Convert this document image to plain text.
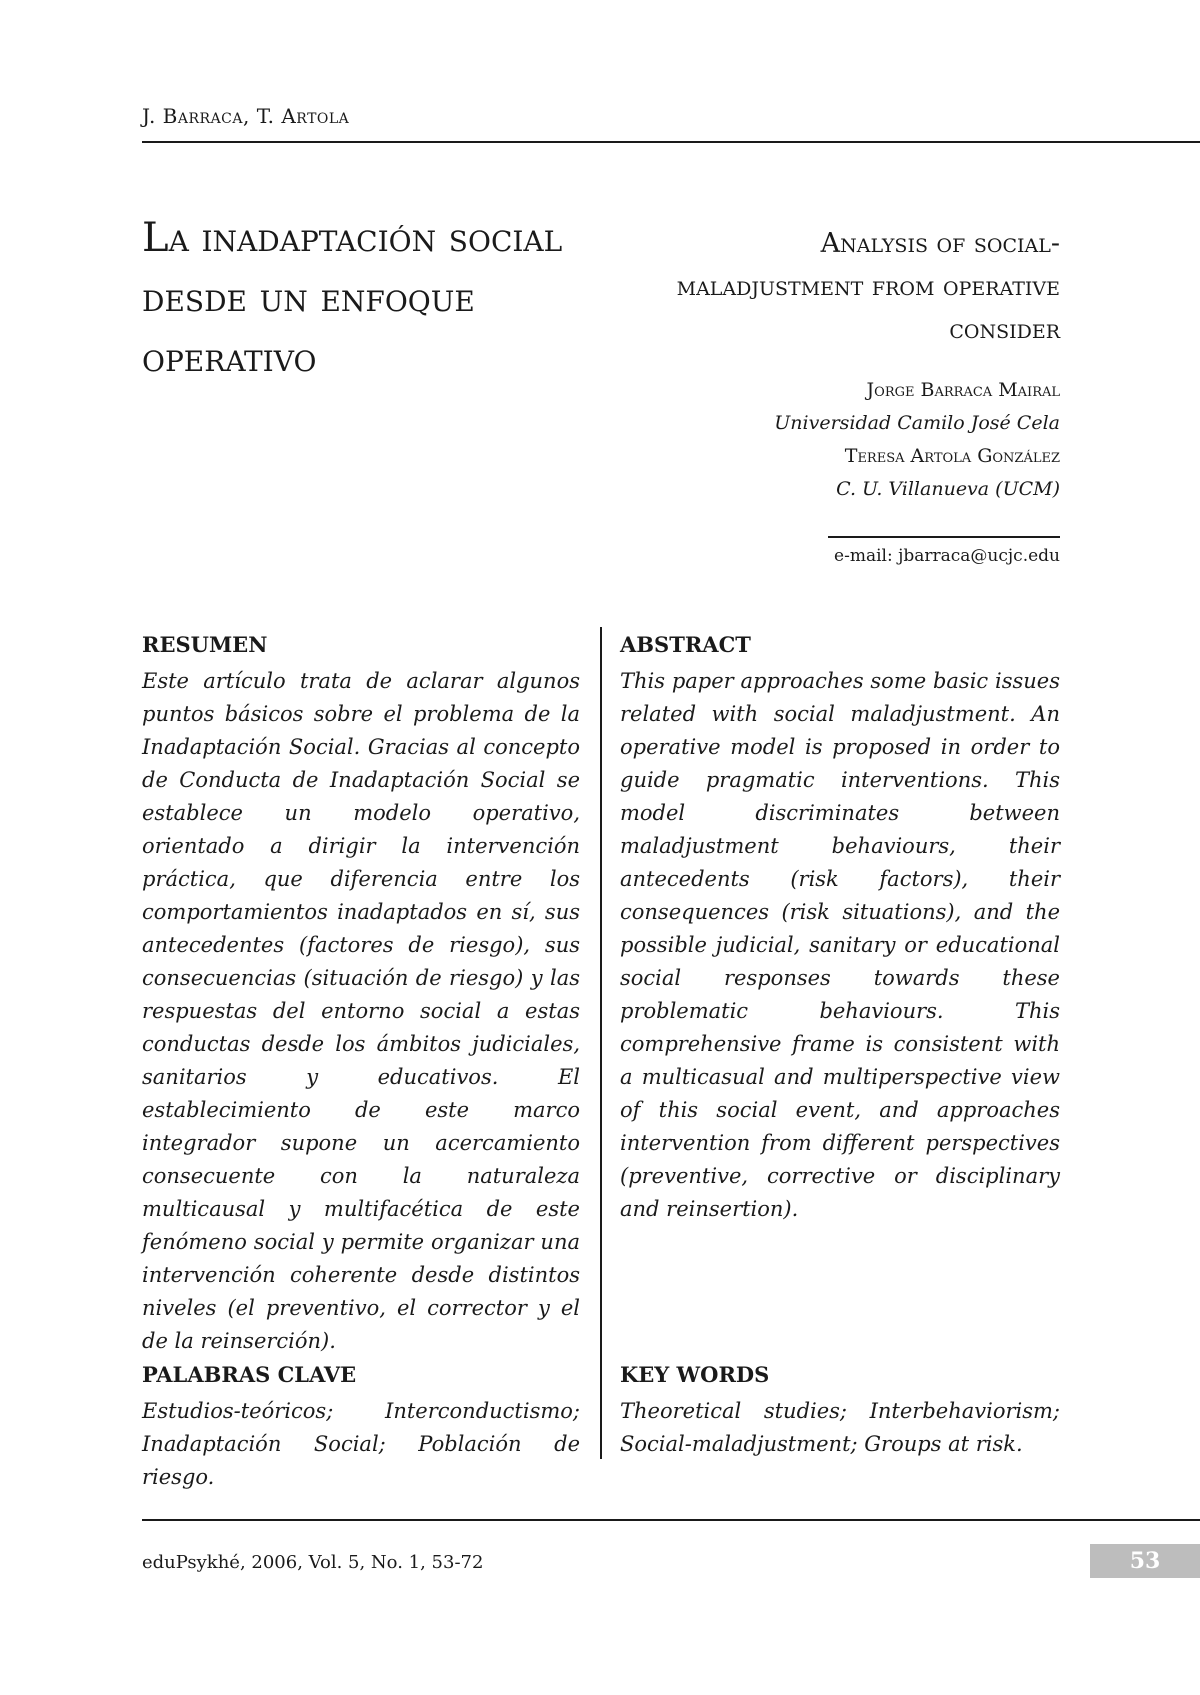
J. Barraca, T. Artola
La inadaptación social desde un enfoque operativo
Analysis of social-maladjustment from operative consider
Jorge Barraca Mairal
Universidad Camilo José Cela
Teresa Artola González
C. U. Villanueva (UCM)
e-mail: jbarraca@ucjc.edu
RESUMEN

Este artículo trata de aclarar algunos puntos básicos sobre el problema de la Inadaptación Social. Gracias al concepto de Conducta de Inadaptación Social se establece un modelo operativo, orientado a dirigir la intervención práctica, que diferencia entre los comportamientos inadaptados en sí, sus antecedentes (factores de riesgo), sus consecuencias (situación de riesgo) y las respuestas del entorno social a estas conductas desde los ámbitos judiciales, sanitarios y educativos. El establecimiento de este marco integrador supone un acercamiento consecuente con la naturaleza multicausal y multifacética de este fenómeno social y permite organizar una intervención coherente desde distintos niveles (el preventivo, el corrector y el de la reinserción).

ABSTRACT

This paper approaches some basic issues related with social maladjustment. An operative model is proposed in order to guide pragmatic interventions. This model discriminates between maladjustment behaviours, their antecedents (risk factors), their consequences (risk situations), and the possible judicial, sanitary or educational social responses towards these problematic behaviours. This comprehensive frame is consistent with a multicasual and multiperspective view of this social event, and approaches intervention from different perspectives (preventive, corrective or disciplinary and reinsertion).

PALABRAS CLAVE

Estudios-teóricos; Interconductismo; Inadaptación Social; Población de riesgo.

KEY WORDS

Theoretical studies; Interbehaviorism; Social-maladjustment; Groups at risk.

eduPsykhé, 2006, Vol. 5, No. 1, 53-72	53
